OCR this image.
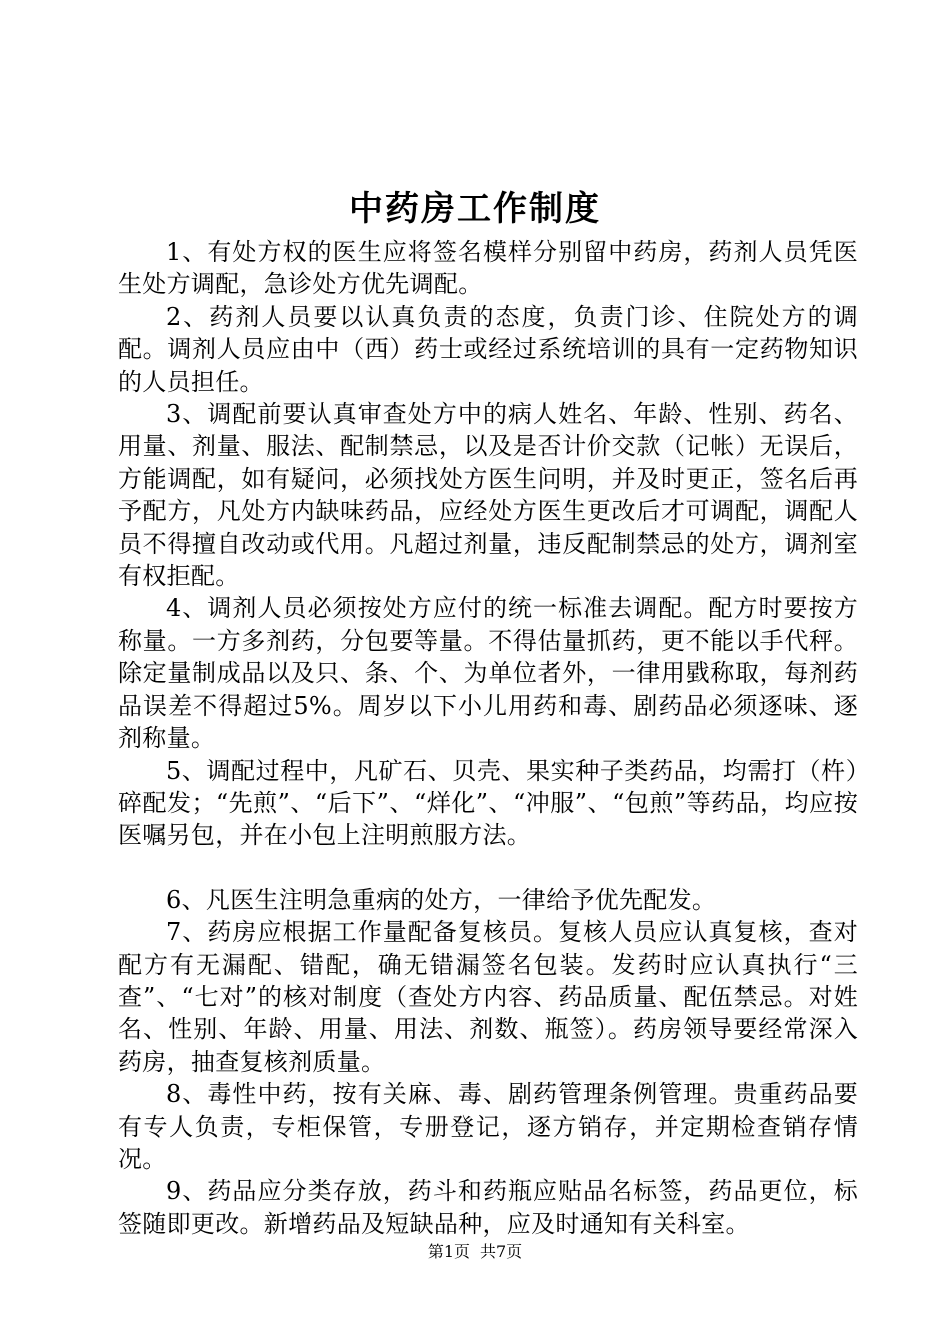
中药房工作制度

1、有处方权的医生应将签名模样分别留中药房，药剂人员凭医生处方调配，急诊处方优先调配。

2、药剂人员要以认真负责的态度，负责门诊、住院处方的调配。调剂人员应由中（西）药士或经过系统培训的具有一定药物知识的人员担任。

3、调配前要认真审查处方中的病人姓名、年龄、性别、药名、用量、剂量、服法、配制禁忌，以及是否计价交款（记帐）无误后，方能调配，如有疑问，必须找处方医生问明，并及时更正，签名后再予配方，凡处方内缺味药品，应经处方医生更改后才可调配，调配人员不得擅自改动或代用。凡超过剂量，违反配制禁忌的处方，调剂室有权拒配。

4、调剂人员必须按处方应付的统一标准去调配。配方时要按方称量。一方多剂药，分包要等量。不得估量抓药，更不能以手代秤。除定量制成品以及只、条、个、为单位者外，一律用戥称取，每剂药品误差不得超过5%。周岁以下小儿用药和毒、剧药品必须逐味、逐剂称量。

5、调配过程中，凡矿石、贝壳、果实种子类药品，均需打（杵）碎配发；“先煎”、“后下”、“烊化”、“冲服”、“包煎”等药品，均应按医嘱另包，并在小包上注明煎服方法。

6、凡医生注明急重病的处方，一律给予优先配发。

7、药房应根据工作量配备复核员。复核人员应认真复核，查对配方有无漏配、错配，确无错漏签名包装。发药时应认真执行“三查”、“七对”的核对制度（查处方内容、药品质量、配伍禁忌。对姓名、性别、年龄、用量、用法、剂数、瓶签）。药房领导要经常深入药房，抽查复核剂质量。

8、毒性中药，按有关麻、毒、剧药管理条例管理。贵重药品要有专人负责，专柜保管，专册登记，逐方销存，并定期检查销存情况。

9、药品应分类存放，药斗和药瓶应贴品名标签，药品更位，标签随即更改。新增药品及短缺品种，应及时通知有关科室。

第1页 共7页
